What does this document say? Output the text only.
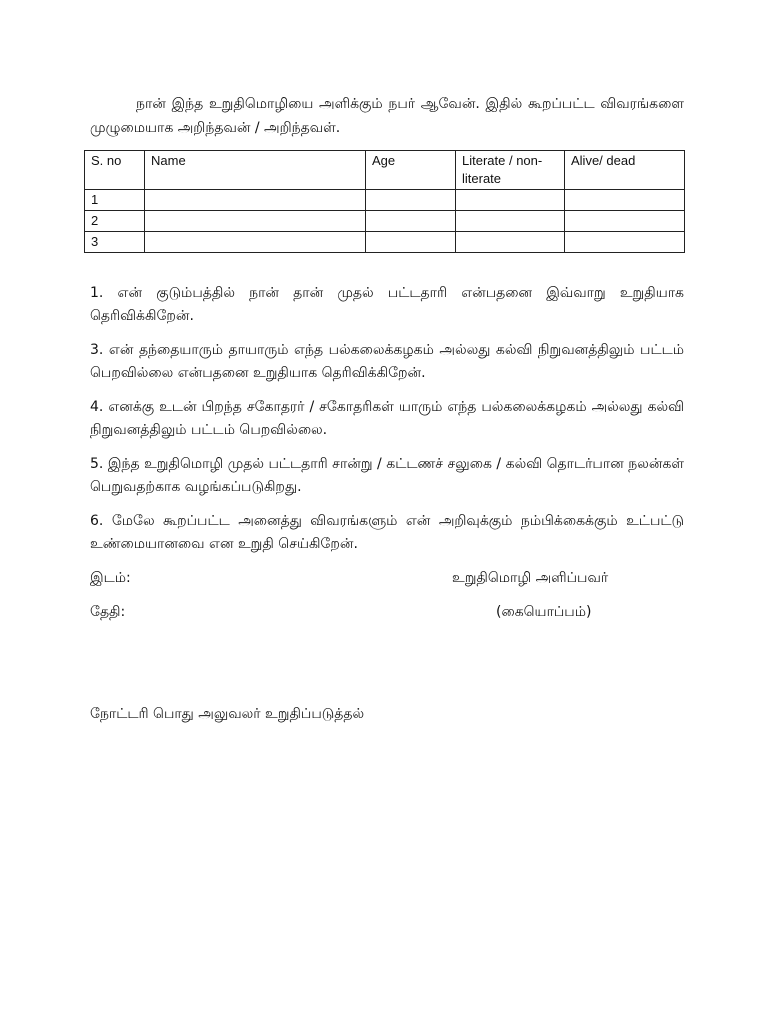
நான் இந்த உறுதிமொழியை அளிக்கும் நபர் ஆவேன். இதில் கூறப்பட்ட விவரங்களை முழுமையாக அறிந்தவன் / அறிந்தவள்.

S. no	Name	Age	Literate / non-literate	Alive/ dead
1				
2				
3				

1. என் குடும்பத்தில் நான் தான் முதல் பட்டதாரி என்பதனை இவ்வாறு உறுதியாக தெரிவிக்கிறேன்.

3. என் தந்தையாரும் தாயாரும் எந்த பல்கலைக்கழகம் அல்லது கல்வி நிறுவனத்திலும் பட்டம் பெறவில்லை என்பதனை உறுதியாக தெரிவிக்கிறேன்.

4. எனக்கு உடன் பிறந்த சகோதரர் / சகோதரிகள் யாரும் எந்த பல்கலைக்கழகம் அல்லது கல்வி நிறுவனத்திலும் பட்டம் பெறவில்லை.

5. இந்த உறுதிமொழி முதல் பட்டதாரி சான்று / கட்டணச் சலுகை / கல்வி தொடர்பான நலன்கள் பெறுவதற்காக வழங்கப்படுகிறது.

6. மேலே கூறப்பட்ட அனைத்து விவரங்களும் என் அறிவுக்கும் நம்பிக்கைக்கும் உட்பட்டு உண்மையானவை என உறுதி செய்கிறேன்.

இடம்:	உறுதிமொழி அளிப்பவர்
தேதி:	(கையொப்பம்)
நோட்டரி பொது அலுவலர் உறுதிப்படுத்தல்
